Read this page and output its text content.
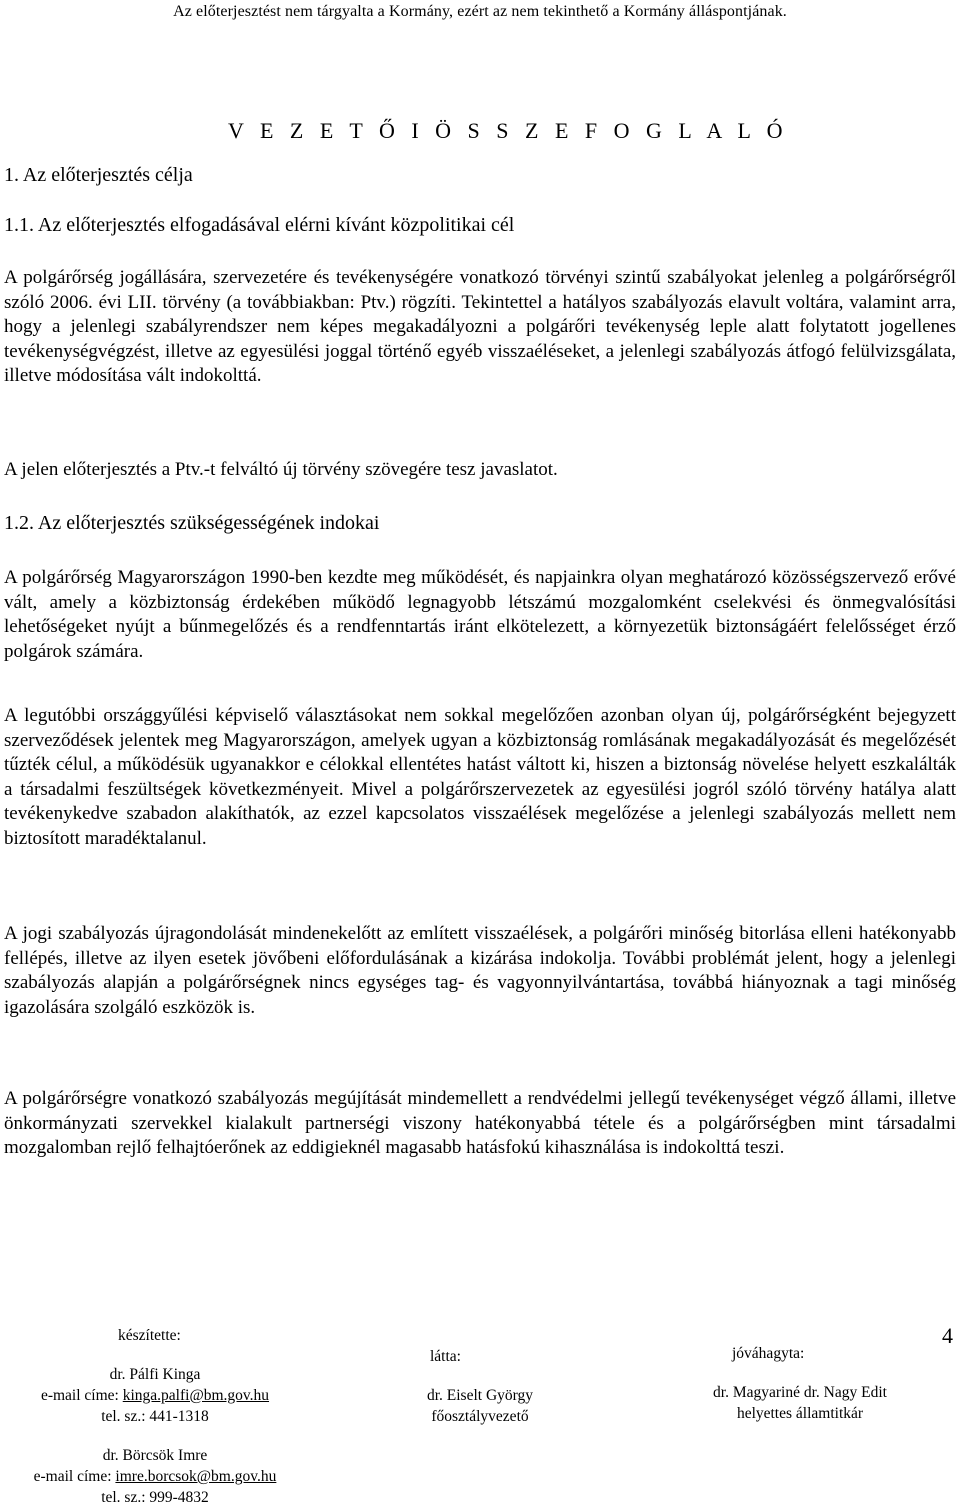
Az előterjesztést nem tárgyalta a Kormány, ezért az nem tekinthető a Kormány álláspontjának.
V E Z E T Ő I Ö S S Z E F O G L A L Ó
1. Az előterjesztés célja
1.1. Az előterjesztés elfogadásával elérni kívánt közpolitikai cél

A polgárőrség jogállására, szervezetére és tevékenységére vonatkozó törvényi szintű szabályokat jelenleg a polgárőrségről szóló 2006. évi LII. törvény (a továbbiakban: Ptv.) rögzíti. Tekintettel a hatályos szabályozás elavult voltára, valamint arra, hogy a jelenlegi szabályrendszer nem képes megakadályozni a polgárőri tevékenység leple alatt folytatott jogellenes tevékenységvégzést, illetve az egyesülési joggal történő egyéb visszaéléseket, a jelenlegi szabályozás átfogó felülvizsgálata, illetve módosítása vált indokolttá.

A jelen előterjesztés a Ptv.-t felváltó új törvény szövegére tesz javaslatot.

1.2. Az előterjesztés szükségességének indokai

A polgárőrség Magyarországon 1990-ben kezdte meg működését, és napjainkra olyan meghatározó közösségszervező erővé vált, amely a közbiztonság érdekében működő legnagyobb létszámú mozgalomként cselekvési és önmegvalósítási lehetőségeket nyújt a bűnmegelőzés és a rendfenntartás iránt elkötelezett, a környezetük biztonságáért felelősséget érző polgárok számára.

A legutóbbi országgyűlési képviselő választásokat nem sokkal megelőzően azonban olyan új, polgárőrségként bejegyzett szerveződések jelentek meg Magyarországon, amelyek ugyan a közbiztonság romlásának megakadályozását és megelőzését tűzték célul, a működésük ugyanakkor e célokkal ellentétes hatást váltott ki, hiszen a biztonság növelése helyett eszkalálták a társadalmi feszültségek következményeit. Mivel a polgárőrszervezetek az egyesülési jogról szóló törvény hatálya alatt tevékenykedve szabadon alakíthatók, az ezzel kapcsolatos visszaélések megelőzése a jelenlegi szabályozás mellett nem biztosított maradéktalanul.

A jogi szabályozás újragondolását mindenekelőtt az említett visszaélések, a polgárőri minőség bitorlása elleni hatékonyabb fellépés, illetve az ilyen esetek jövőbeni előfordulásának a kizárása indokolja. További problémát jelent, hogy a jelenlegi szabályozás alapján a polgárőrségnek nincs egységes tag- és vagyonnyilvántartása, továbbá hiányoznak a tagi minőség igazolására szolgáló eszközök is.

A polgárőrségre vonatkozó szabályozás megújítását mindemellett a rendvédelmi jellegű tevékenységet végző állami, illetve önkormányzati szervekkel kialakult partnerségi viszony hatékonyabbá tétele és a polgárőrségben mint társadalmi mozgalomban rejlő felhajtóerőnek az eddigieknél magasabb hatásfokú kihasználása is indokolttá teszi.

készítette:
dr. Pálfi Kinga
e-mail címe: kinga.palfi@bm.gov.hu
tel. sz.: 441-1318
dr. Börcsök Imre
e-mail címe: imre.borcsok@bm.gov.hu
tel. sz.: 999-4832
látta:
dr. Eiselt György
főosztályvezető
jóváhagyta:
dr. Magyariné dr. Nagy Edit
helyettes államtitkár
4
